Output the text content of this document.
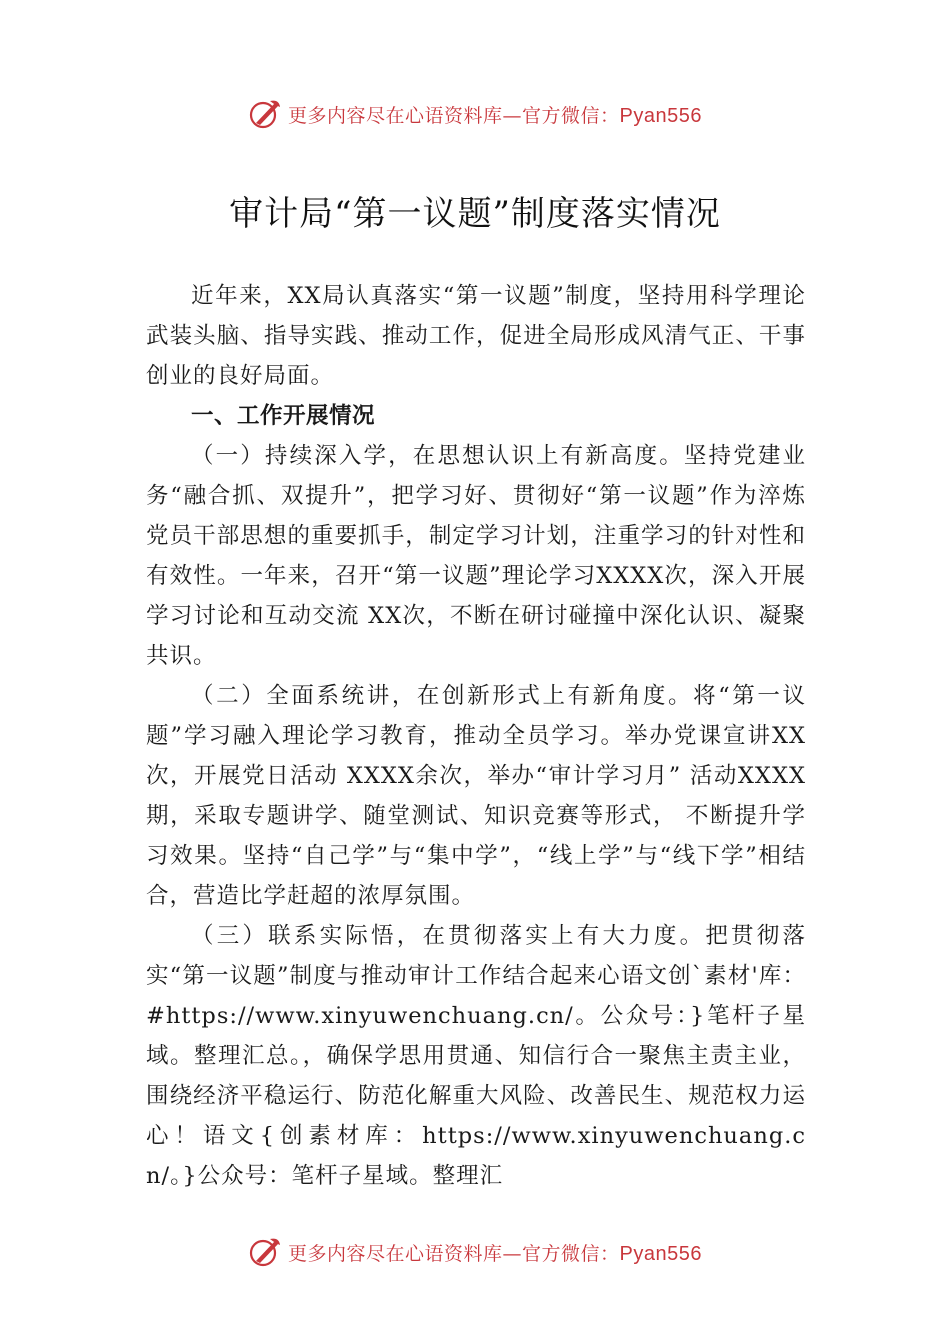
更多内容尽在心语资料库—官方微信：Pyan556
审计局“第一议题”制度落实情况

近年来，XX局认真落实“第一议题”制度，坚持用科学理论武装头脑、指导实践、推动工作，促进全局形成风清气正、干事创业的良好局面。

一、工作开展情况

（一）持续深入学，在思想认识上有新高度。坚持党建业务“融合抓、双提升”，把学习好、贯彻好“第一议题”作为淬炼党员干部思想的重要抓手，制定学习计划，注重学习的针对性和有效性。一年来，召开“第一议题”理论学习XXXX次，深入开展学习讨论和互动交流 XX次，不断在研讨碰撞中深化认识、凝聚共识。

（二）全面系统讲，在创新形式上有新角度。将“第一议题”学习融入理论学习教育，推动全员学习。举办党课宣讲XX次，开展党日活动 XXXX余次，举办“审计学习月” 活动XXXX期，采取专题讲学、随堂测试、知识竞赛等形式， 不断提升学习效果。坚持“自己学”与“集中学”，“线上学”与“线下学”相结合，营造比学赶超的浓厚氛围。

（三）联系实际悟，在贯彻落实上有大力度。把贯彻落实“第一议题”制度与推动审计工作结合起来心语文创`素材'库：#https://www.xinyuwenchuang.cn/。公众号：}笔杆子星域。整理汇总。，确保学思用贯通、知信行合一聚焦主责主业，围绕经济平稳运行、防范化解重大风险、改善民生、规范权力运心！语文{创素材库：https://www.xinyuwenchuang.cn/。}公众号：笔杆子星域。整理汇

更多内容尽在心语资料库—官方微信：Pyan556
